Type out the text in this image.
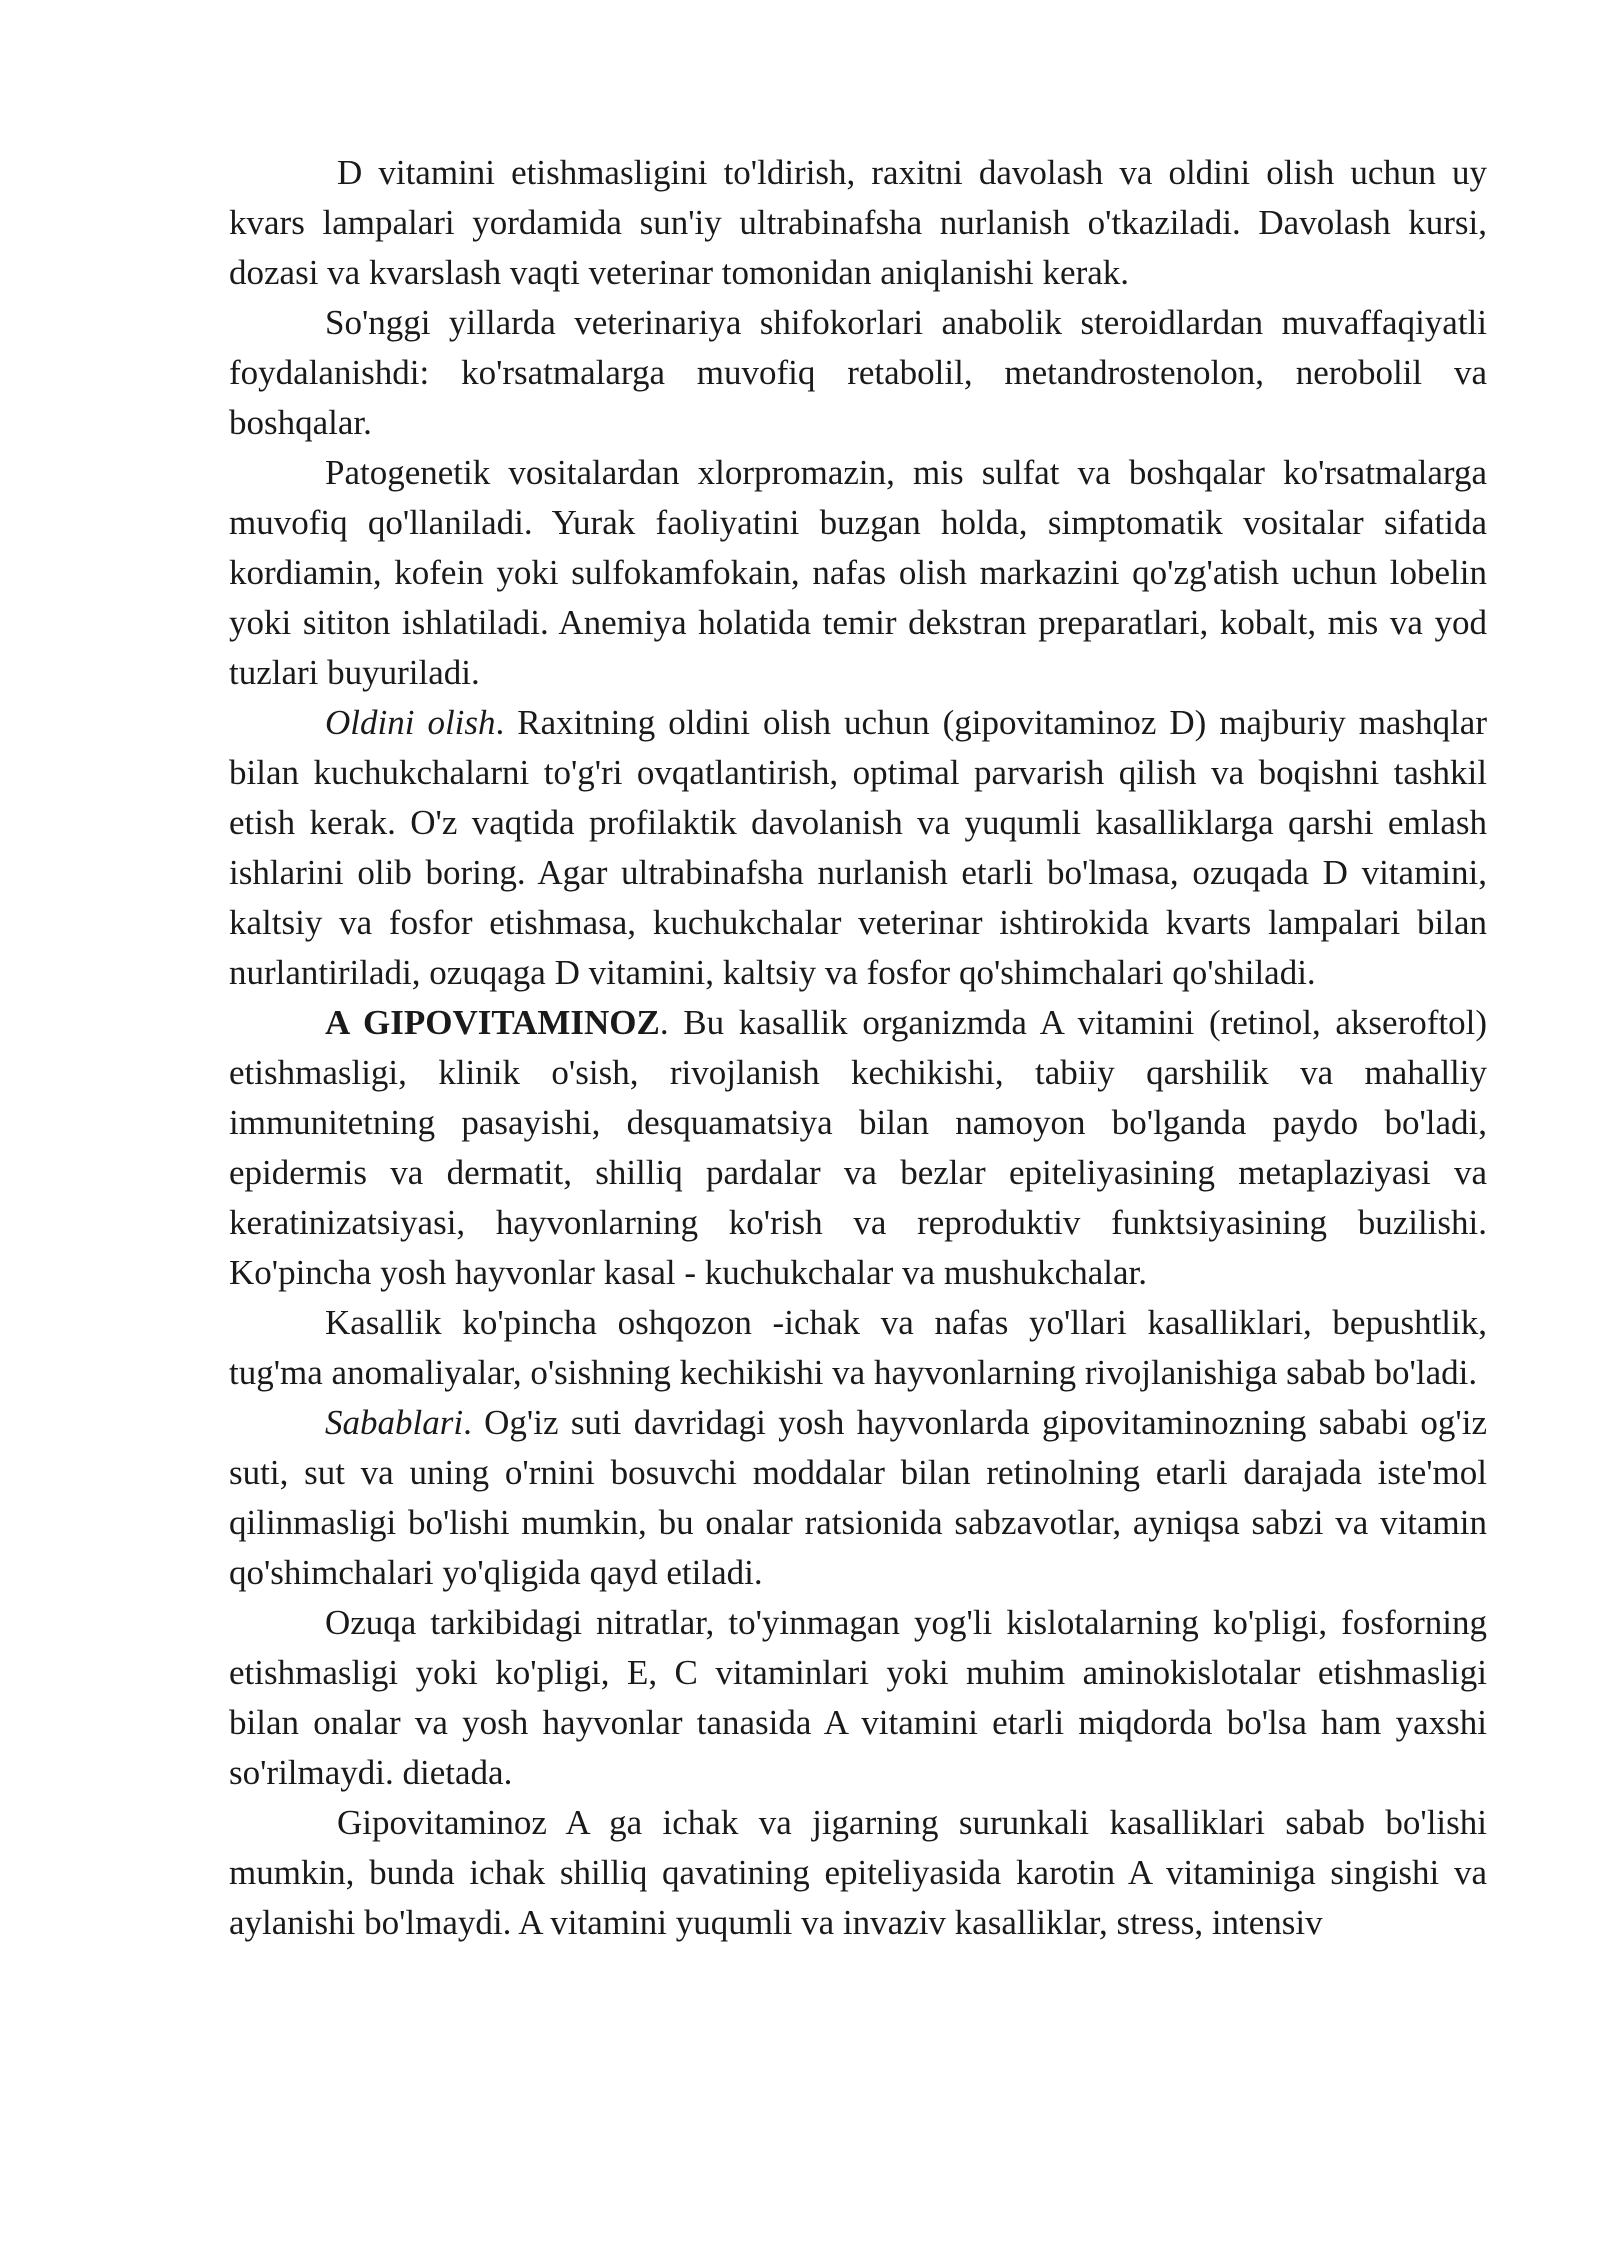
D vitamini etishmasligini to'ldirish, raxitni davolash va oldini olish uchun uy kvars lampalari yordamida sun'iy ultrabinafsha nurlanish o'tkaziladi. Davolash kursi, dozasi va kvarslash vaqti veterinar tomonidan aniqlanishi kerak.

So'nggi yillarda veterinariya shifokorlari anabolik steroidlardan muvaffaqiyatli foydalanishdi: ko'rsatmalarga muvofiq retabolil, metandrostenolon, nerobolil va boshqalar.

Patogenetik vositalardan xlorpromazin, mis sulfat va boshqalar ko'rsatmalarga muvofiq qo'llaniladi. Yurak faoliyatini buzgan holda, simptomatik vositalar sifatida kordiamin, kofein yoki sulfokamfokain, nafas olish markazini qo'zg'atish uchun lobelin yoki sititon ishlatiladi. Anemiya holatida temir dekstran preparatlari, kobalt, mis va yod tuzlari buyuriladi.

Oldini olish. Raxitning oldini olish uchun (gipovitaminoz D) majburiy mashqlar bilan kuchukchalarni to'g'ri ovqatlantirish, optimal parvarish qilish va boqishni tashkil etish kerak. O'z vaqtida profilaktik davolanish va yuqumli kasalliklarga qarshi emlash ishlarini olib boring. Agar ultrabinafsha nurlanish etarli bo'lmasa, ozuqada D vitamini, kaltsiy va fosfor etishmasa, kuchukchalar veterinar ishtirokida kvarts lampalari bilan nurlantiriladi, ozuqaga D vitamini, kaltsiy va fosfor qo'shimchalari qo'shiladi.

A GIPOVITAMINOZ. Bu kasallik organizmda A vitamini (retinol, akseroftol) etishmasligi, klinik o'sish, rivojlanish kechikishi, tabiiy qarshilik va mahalliy immunitetning pasayishi, desquamatsiya bilan namoyon bo'lganda paydo bo'ladi, epidermis va dermatit, shilliq pardalar va bezlar epiteliyasining metaplaziyasi va keratinizatsiyasi, hayvonlarning ko'rish va reproduktiv funktsiyasining buzilishi. Ko'pincha yosh hayvonlar kasal - kuchukchalar va mushukchalar.

Kasallik ko'pincha oshqozon -ichak va nafas yo'llari kasalliklari, bepushtlik, tug'ma anomaliyalar, o'sishning kechikishi va hayvonlarning rivojlanishiga sabab bo'ladi.

Sabablari. Og'iz suti davridagi yosh hayvonlarda gipovitaminozning sababi og'iz suti, sut va uning o'rnini bosuvchi moddalar bilan retinolning etarli darajada iste'mol qilinmasligi bo'lishi mumkin, bu onalar ratsionida sabzavotlar, ayniqsa sabzi va vitamin qo'shimchalari yo'qligida qayd etiladi.

Ozuqa tarkibidagi nitratlar, to'yinmagan yog'li kislotalarning ko'pligi, fosforning etishmasligi yoki ko'pligi, E, C vitaminlari yoki muhim aminokislotalar etishmasligi bilan onalar va yosh hayvonlar tanasida A vitamini etarli miqdorda bo'lsa ham yaxshi so'rilmaydi. dietada.

Gipovitaminoz A ga ichak va jigarning surunkali kasalliklari sabab bo'lishi mumkin, bunda ichak shilliq qavatining epiteliyasida karotin A vitaminiga singishi va aylanishi bo'lmaydi. A vitamini yuqumli va invaziv kasalliklar, stress, intensiv
